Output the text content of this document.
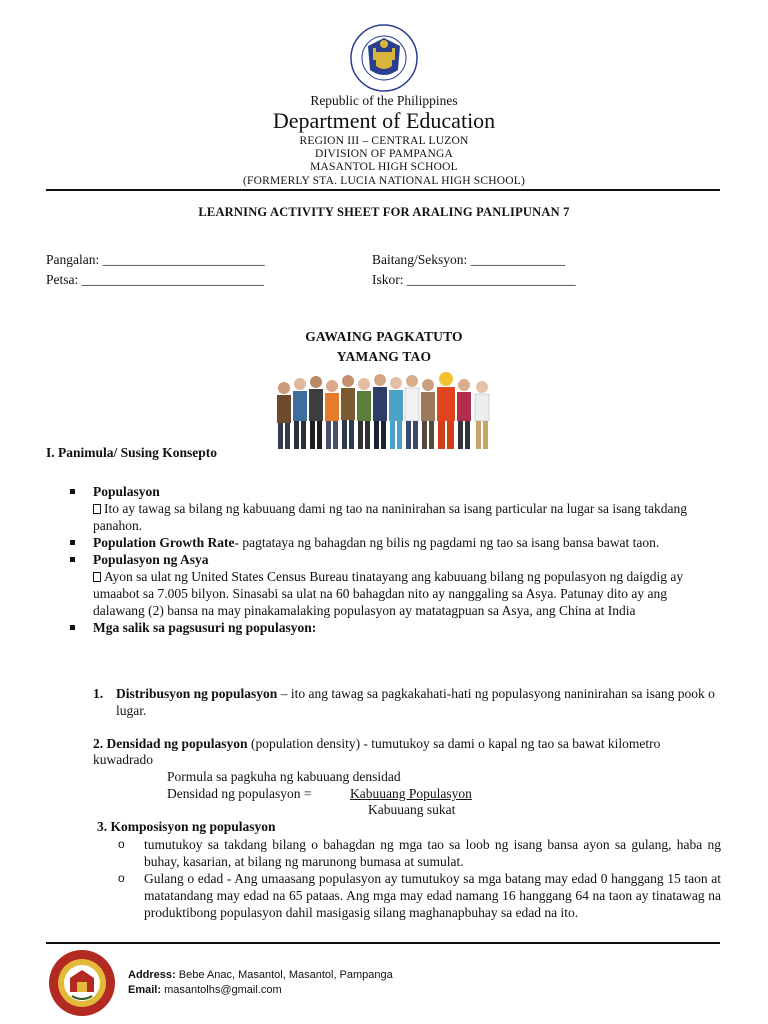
Republic of the Philippines
Department of Education
REGION III – CENTRAL LUZON
DIVISION OF PAMPANGA
MASANTOL HIGH SCHOOL
(FORMERLY STA. LUCIA NATIONAL HIGH SCHOOL)
LEARNING ACTIVITY SHEET FOR ARALING PANLIPUNAN 7
Pangalan: ________________________
Petsa: ___________________________
Baitang/Seksyon: ______________
Iskor: _________________________
GAWAING PAGKATUTO
YAMANG TAO
I. Panimula/ Susing Konsepto
Populasyon
Ito ay tawag sa bilang ng kabuuang dami ng tao na naninirahan sa isang particular na lugar sa isang takdang panahon.
Population Growth Rate- pagtataya ng bahagdan ng bilis ng pagdami ng tao sa isang bansa bawat taon.
Populasyon ng Asya
Ayon sa ulat ng United States Census Bureau tinatayang ang kabuuang bilang ng populasyon ng daigdig ay umaabot sa 7.005 bilyon. Sinasabi sa ulat na 60 bahagdan nito ay nanggaling sa Asya. Patunay dito ay ang dalawang (2) bansa na may pinakamalaking populasyon ay matatagpuan sa Asya, ang China at India
Mga salik sa pagsusuri ng populasyon:
1. Distribusyon ng populasyon – ito ang tawag sa pagkakahati-hati ng populasyong naninirahan sa isang pook o lugar.
2. Densidad ng populasyon (population density) - tumutukoy sa dami o kapal ng tao sa bawat kilometro kuwadrado
Pormula sa pagkuha ng kabuuang densidad
Densidad ng populasyon =	Kabuuang Populasyon
Kabuuang sukat
3. Komposisyon ng populasyon
o tumutukoy sa takdang bilang o bahagdan ng mga tao sa loob ng isang bansa ayon sa gulang, haba ng buhay, kasarian, at bilang ng marunong bumasa at sumulat.
o Gulang o edad - Ang umaasang populasyon ay tumutukoy sa mga batang may edad 0 hanggang 15 taon at matatandang may edad na 65 pataas. Ang mga may edad namang 16 hanggang 64 na taon ay tinatawag na produktibong populasyon dahil masigasig silang maghanapbuhay sa edad na ito.
Address: Bebe Anac, Masantol, Masantol, Pampanga
Email: masantolhs@gmail.com
